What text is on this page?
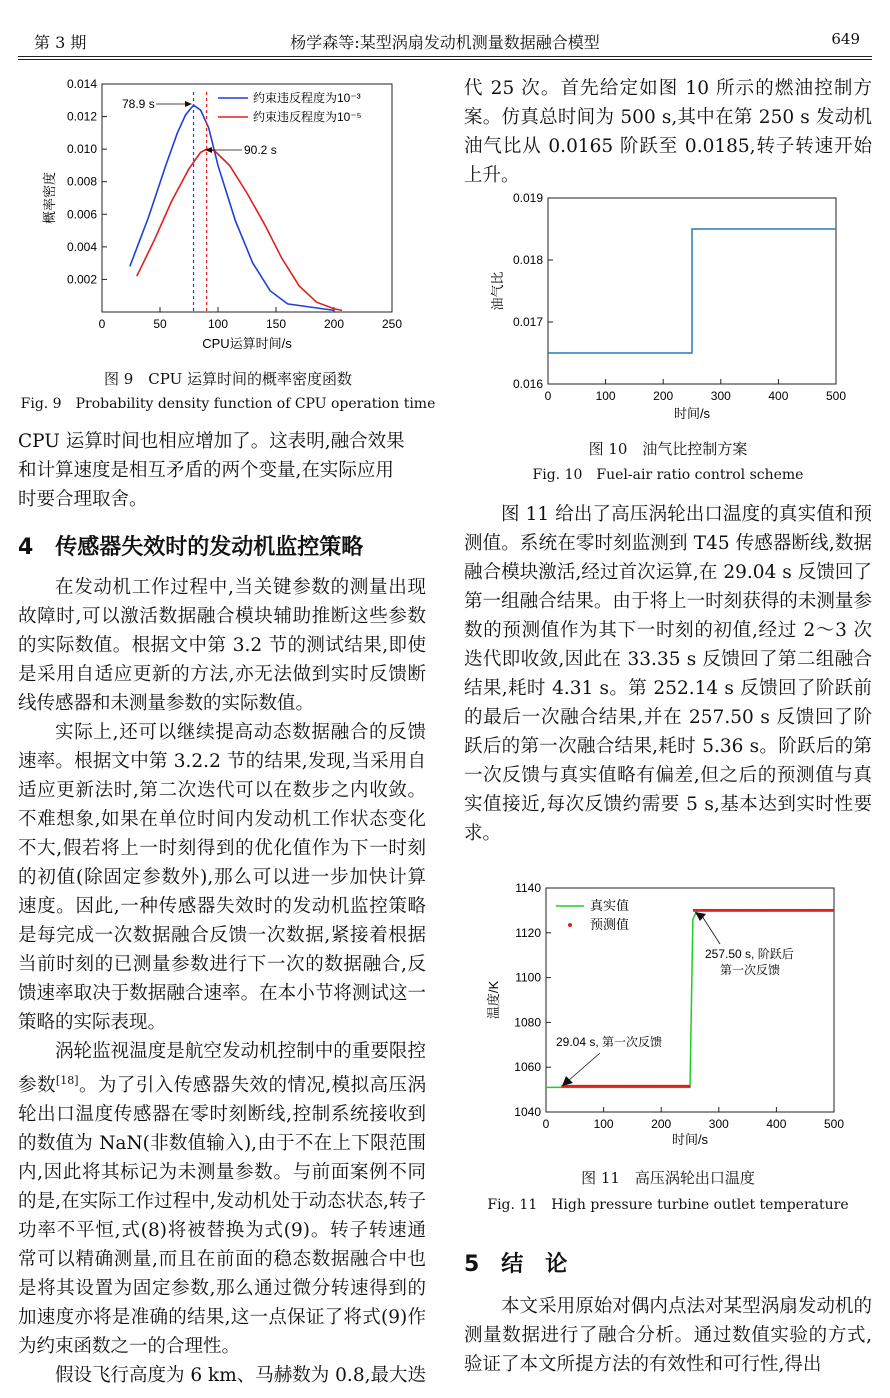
第 3 期	杨学森等:某型涡扇发动机测量数据融合模型	649
0	50	100	150	200	250
0.002
0.004
0.006
0.008
0.010
0.012
0.014
约束违反程度为10⁻³
约束违反程度为10⁻⁵
78.9 s
90.2 s
CPU运算时间/s
概率密度
图 9　CPU 运算时间的概率密度函数
Fig. 9　Probability density function of CPU operation time

CPU 运算时间也相应增加了。这表明,融合效果

和计算速度是相互矛盾的两个变量,在实际应用

时要合理取舍。

4　传感器失效时的发动机监控策略

在发动机工作过程中,当关键参数的测量出现故障时,可以激活数据融合模块辅助推断这些参数的实际数值。根据文中第 3.2 节的测试结果,即使是采用自适应更新的方法,亦无法做到实时反馈断线传感器和未测量参数的实际数值。

实际上,还可以继续提高动态数据融合的反馈速率。根据文中第 3.2.2 节的结果,发现,当采用自适应更新法时,第二次迭代可以在数步之内收敛。不难想象,如果在单位时间内发动机工作状态变化不大,假若将上一时刻得到的优化值作为下一时刻的初值(除固定参数外),那么可以进一步加快计算速度。因此,一种传感器失效时的发动机监控策略是每完成一次数据融合反馈一次数据,紧接着根据当前时刻的已测量参数进行下一次的数据融合,反馈速率取决于数据融合速率。在本小节将测试这一策略的实际表现。

涡轮监视温度是航空发动机控制中的重要限控参数[18]。为了引入传感器失效的情况,模拟高压涡轮出口温度传感器在零时刻断线,控制系统接收到的数值为 NaN(非数值输入),由于不在上下限范围内,因此将其标记为未测量参数。与前面案例不同的是,在实际工作过程中,发动机处于动态状态,转子功率不平恒,式(8)将被替换为式(9)。转子转速通常可以精确测量,而且在前面的稳态数据融合中也是将其设置为固定参数,那么通过微分转速得到的加速度亦将是准确的结果,这一点保证了将式(9)作为约束函数之一的合理性。

假设飞行高度为 6 km、马赫数为 0.8,最大迭

代 25 次。首先给定如图 10 所示的燃油控制方案。仿真总时间为 500 s,其中在第 250 s 发动机油气比从 0.0165 阶跃至 0.0185,转子转速开始上升。

0	100	200	300	400	500
0.016
0.017
0.018
0.019
时间/s
油气比
图 10　油气比控制方案
Fig. 10　Fuel-air ratio control scheme

图 11 给出了高压涡轮出口温度的真实值和预测值。系统在零时刻监测到 T45 传感器断线,数据融合模块激活,经过首次运算,在 29.04 s 反馈回了第一组融合结果。由于将上一时刻获得的未测量参数的预测值作为其下一时刻的初值,经过 2～3 次迭代即收敛,因此在 33.35 s 反馈回了第二组融合结果,耗时 4.31 s。第 252.14 s 反馈回了阶跃前的最后一次融合结果,并在 257.50 s 反馈回了阶跃后的第一次融合结果,耗时 5.36 s。阶跃后的第一次反馈与真实值略有偏差,但之后的预测值与真实值接近,每次反馈约需要 5 s,基本达到实时性要求。

0	100	200	300	400	500
1040
1060
1080
1100
1120
1140
真实值
预测值
257.50 s, 阶跃后
第一次反馈
29.04 s, 第一次反馈
时间/s
温度/K
图 11　高压涡轮出口温度
Fig. 11　High pressure turbine outlet temperature
5　结　论

本文采用原始对偶内点法对某型涡扇发动机的测量数据进行了融合分析。通过数值实验的方式,验证了本文所提方法的有效性和可行性,得出
